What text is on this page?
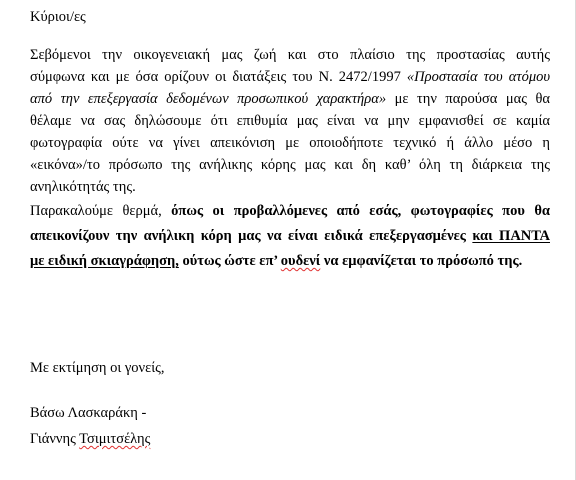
Κύριοι/ες

Σεβόμενοι την οικογενειακή μας ζωή και στο πλαίσιο της προστασίας αυτής
σύμφωνα και με όσα ορίζουν οι διατάξεις του Ν. 2472/1997 «Προστασία του ατόμου
από την επεξεργασία δεδομένων προσωπικού χαρακτήρα» με την παρούσα μας θα
θέλαμε να σας δηλώσουμε ότι επιθυμία μας είναι να μην εμφανισθεί σε καμία
φωτογραφία ούτε να γίνει απεικόνιση με οποιοδήποτε τεχνικό ή άλλο μέσο η
«εικόνα»/το πρόσωπο της ανήλικης κόρης μας και δη καθ’ όλη τη διάρκεια της
ανηλικότητάς της.

Παρακαλούμε θερμά, όπως οι προβαλλόμενες από εσάς, φωτογραφίες που θα
απεικονίζουν την ανήλικη κόρη μας να είναι ειδικά επεξεργασμένες και ΠΑΝΤΑ
με ειδική σκιαγράφηση, ούτως ώστε επ’ ουδενί να εμφανίζεται το πρόσωπό της.

Με εκτίμηση οι γονείς,

Βάσω Λασκαράκη -

Γιάννης Τσιμιτσέλης
